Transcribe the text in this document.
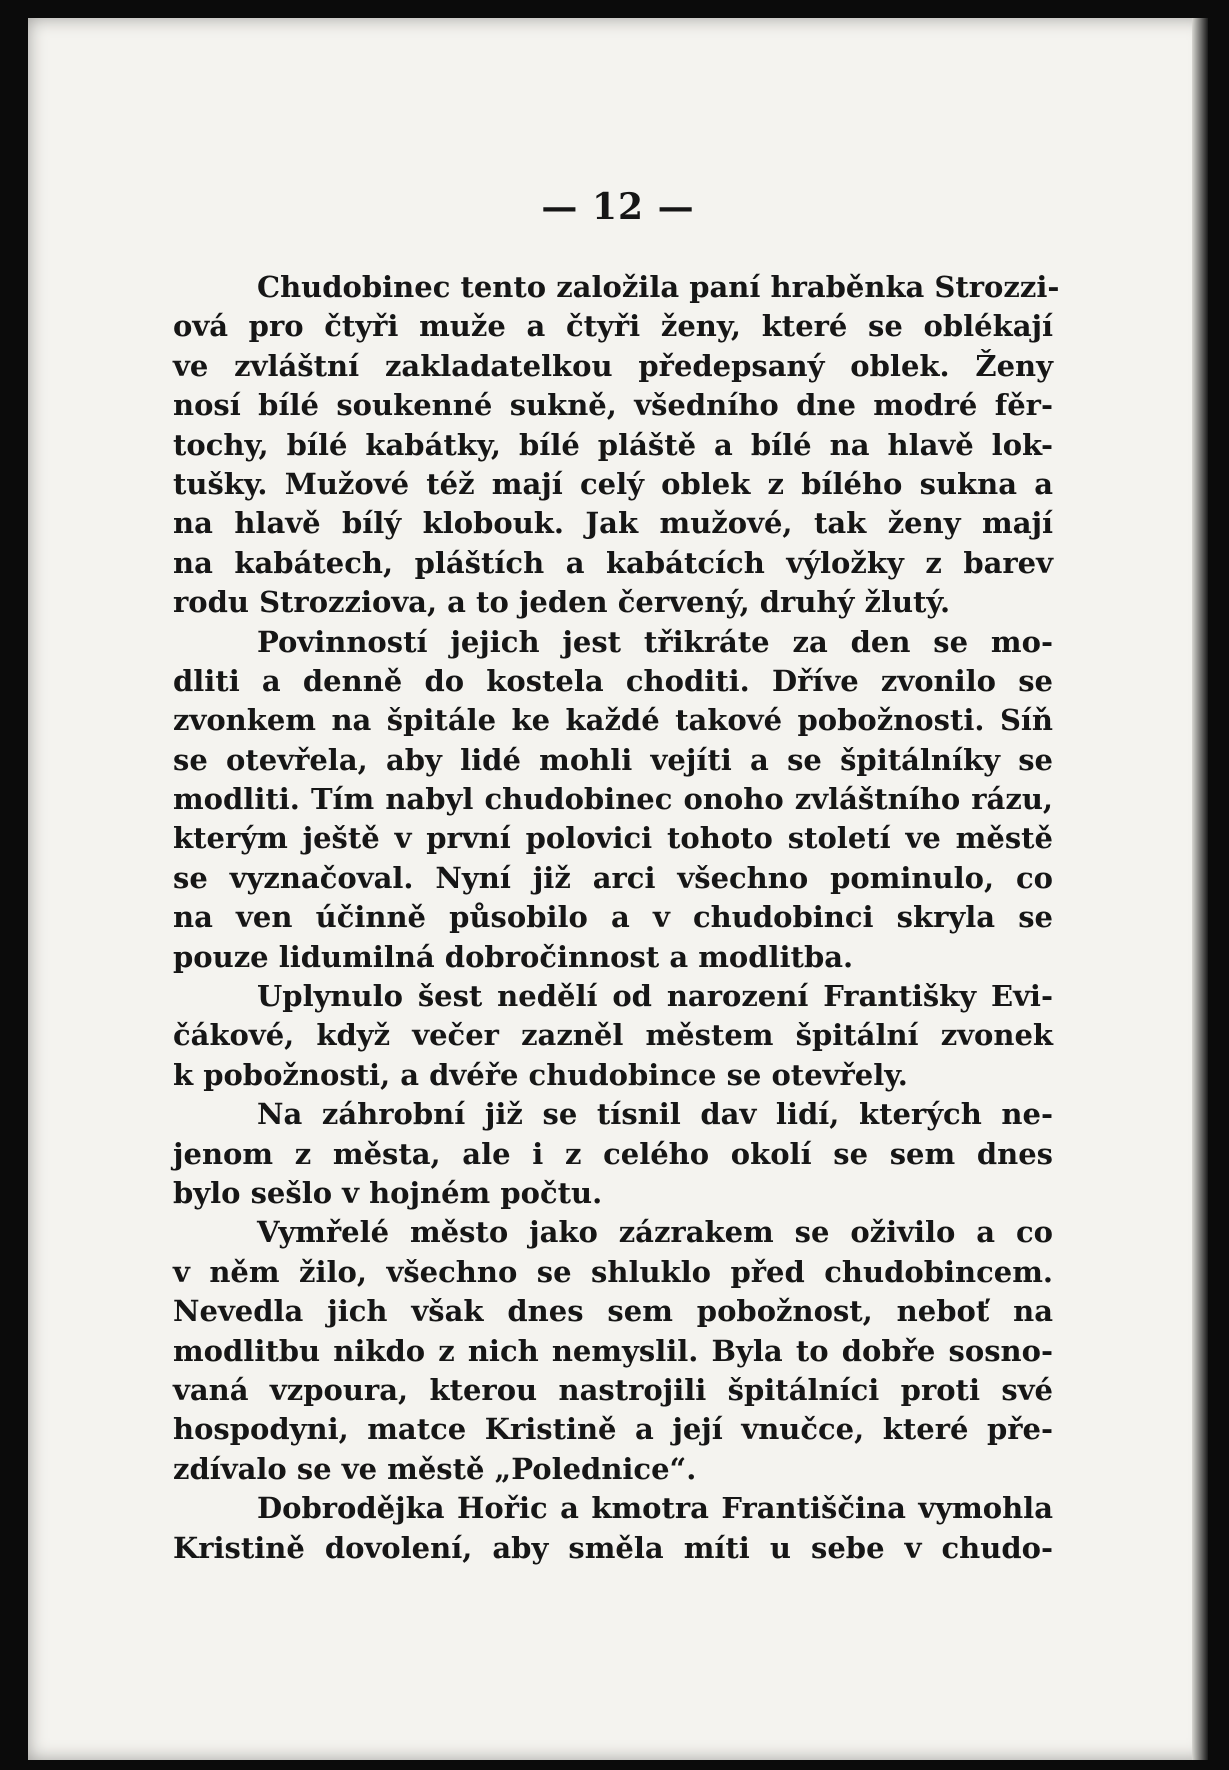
— 12 —
Chudobinec tento založila paní hraběnka Strozzi-
ová pro čtyři muže a čtyři ženy, které se oblékají
ve zvláštní zakladatelkou předepsaný oblek. Ženy
nosí bílé soukenné sukně, všedního dne modré fěr-
tochy, bílé kabátky, bílé pláště a bílé na hlavě lok-
tušky. Mužové též mají celý oblek z bílého sukna a
na hlavě bílý klobouk. Jak mužové, tak ženy mají
na kabátech, pláštích a kabátcích výložky z barev
rodu Strozziova, a to jeden červený, druhý žlutý.
Povinností jejich jest třikráte za den se mo-
dliti a denně do kostela choditi. Dříve zvonilo se
zvonkem na špitále ke každé takové pobožnosti. Síň
se otevřela, aby lidé mohli vejíti a se špitálníky se
modliti. Tím nabyl chudobinec onoho zvláštního rázu,
kterým ještě v první polovici tohoto století ve městě
se vyznačoval. Nyní již arci všechno pominulo, co
na ven účinně působilo a v chudobinci skryla se
pouze lidumilná dobročinnost a modlitba.
Uplynulo šest nedělí od narození Františky Evi-
čákové, když večer zazněl městem špitální zvonek
k pobožnosti, a dvéře chudobince se otevřely.
Na záhrobní již se tísnil dav lidí, kterých ne-
jenom z města, ale i z celého okolí se sem dnes
bylo sešlo v hojném počtu.
Vymřelé město jako zázrakem se oživilo a co
v něm žilo, všechno se shluklo před chudobincem.
Nevedla jich však dnes sem pobožnost, neboť na
modlitbu nikdo z nich nemyslil. Byla to dobře sosno-
vaná vzpoura, kterou nastrojili špitálníci proti své
hospodyni, matce Kristině a její vnučce, které pře-
zdívalo se ve městě „Polednice“.
Dobrodějka Hořic a kmotra Františčina vymohla
Kristině dovolení, aby směla míti u sebe v chudo-
